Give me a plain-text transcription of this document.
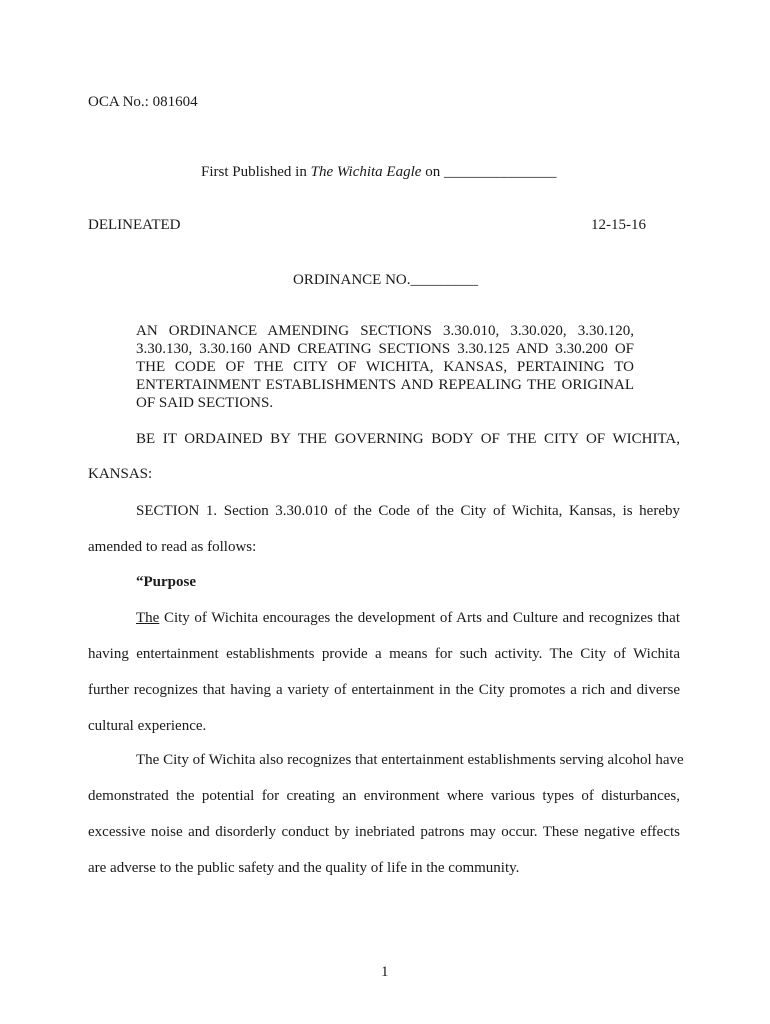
OCA No.: 081604

First Published in The Wichita Eagle on _______________

DELINEATED	12-15-16

ORDINANCE NO._________

AN ORDINANCE AMENDING SECTIONS 3.30.010, 3.30.020, 3.30.120,
3.30.130, 3.30.160 AND CREATING SECTIONS 3.30.125 AND 3.30.200 OF
THE CODE OF THE CITY OF WICHITA, KANSAS, PERTAINING TO
ENTERTAINMENT ESTABLISHMENTS AND REPEALING THE ORIGINAL
OF SAID SECTIONS.

BE IT ORDAINED BY THE GOVERNING BODY OF THE CITY OF WICHITA,
KANSAS:
SECTION 1. Section 3.30.010 of the Code of the City of Wichita, Kansas, is hereby
amended to read as follows:

“Purpose

The City of Wichita encourages the development of Arts and Culture and recognizes that
having entertainment establishments provide a means for such activity. The City of Wichita
further recognizes that having a variety of entertainment in the City promotes a rich and diverse
cultural experience.
The City of Wichita also recognizes that entertainment establishments serving alcohol have
demonstrated the potential for creating an environment where various types of disturbances,
excessive noise and disorderly conduct by inebriated patrons may occur. These negative effects
are adverse to the public safety and the quality of life in the community.

1
